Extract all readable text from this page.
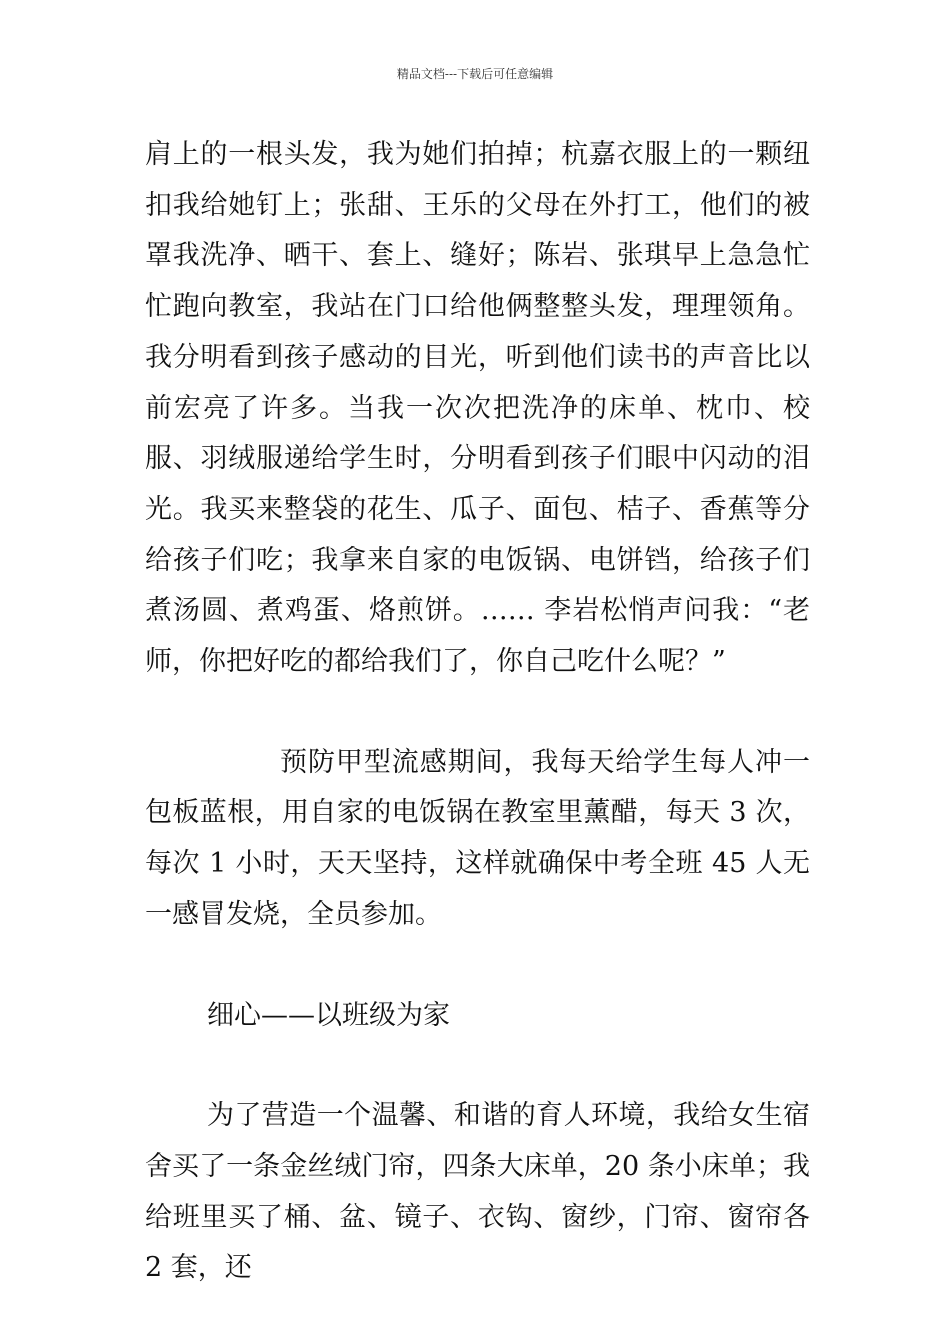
精品文档---下载后可任意编辑

肩上的一根头发，我为她们拍掉；杭嘉衣服上的一颗纽扣我给她钉上；张甜、王乐的父母在外打工，他们的被罩我洗净、晒干、套上、缝好；陈岩、张琪早上急急忙忙跑向教室，我站在门口给他俩整整头发，理理领角。我分明看到孩子感动的目光，听到他们读书的声音比以前宏亮了许多。当我一次次把洗净的床单、枕巾、校服、羽绒服递给学生时，分明看到孩子们眼中闪动的泪光。我买来整袋的花生、瓜子、面包、桔子、香蕉等分给孩子们吃；我拿来自家的电饭锅、电饼铛，给孩子们煮汤圆、煮鸡蛋、烙煎饼。…… 李岩松悄声问我：“老师，你把好吃的都给我们了，你自己吃什么呢？”

预防甲型流感期间，我每天给学生每人冲一包板蓝根，用自家的电饭锅在教室里薰醋，每天 3 次，每次 1 小时，天天坚持，这样就确保中考全班 45 人无一感冒发烧，全员参加。

细心——以班级为家

为了营造一个温馨、和谐的育人环境，我给女生宿舍买了一条金丝绒门帘，四条大床单，20 条小床单；我给班里买了桶、盆、镜子、衣钩、窗纱，门帘、窗帘各 2 套，还
